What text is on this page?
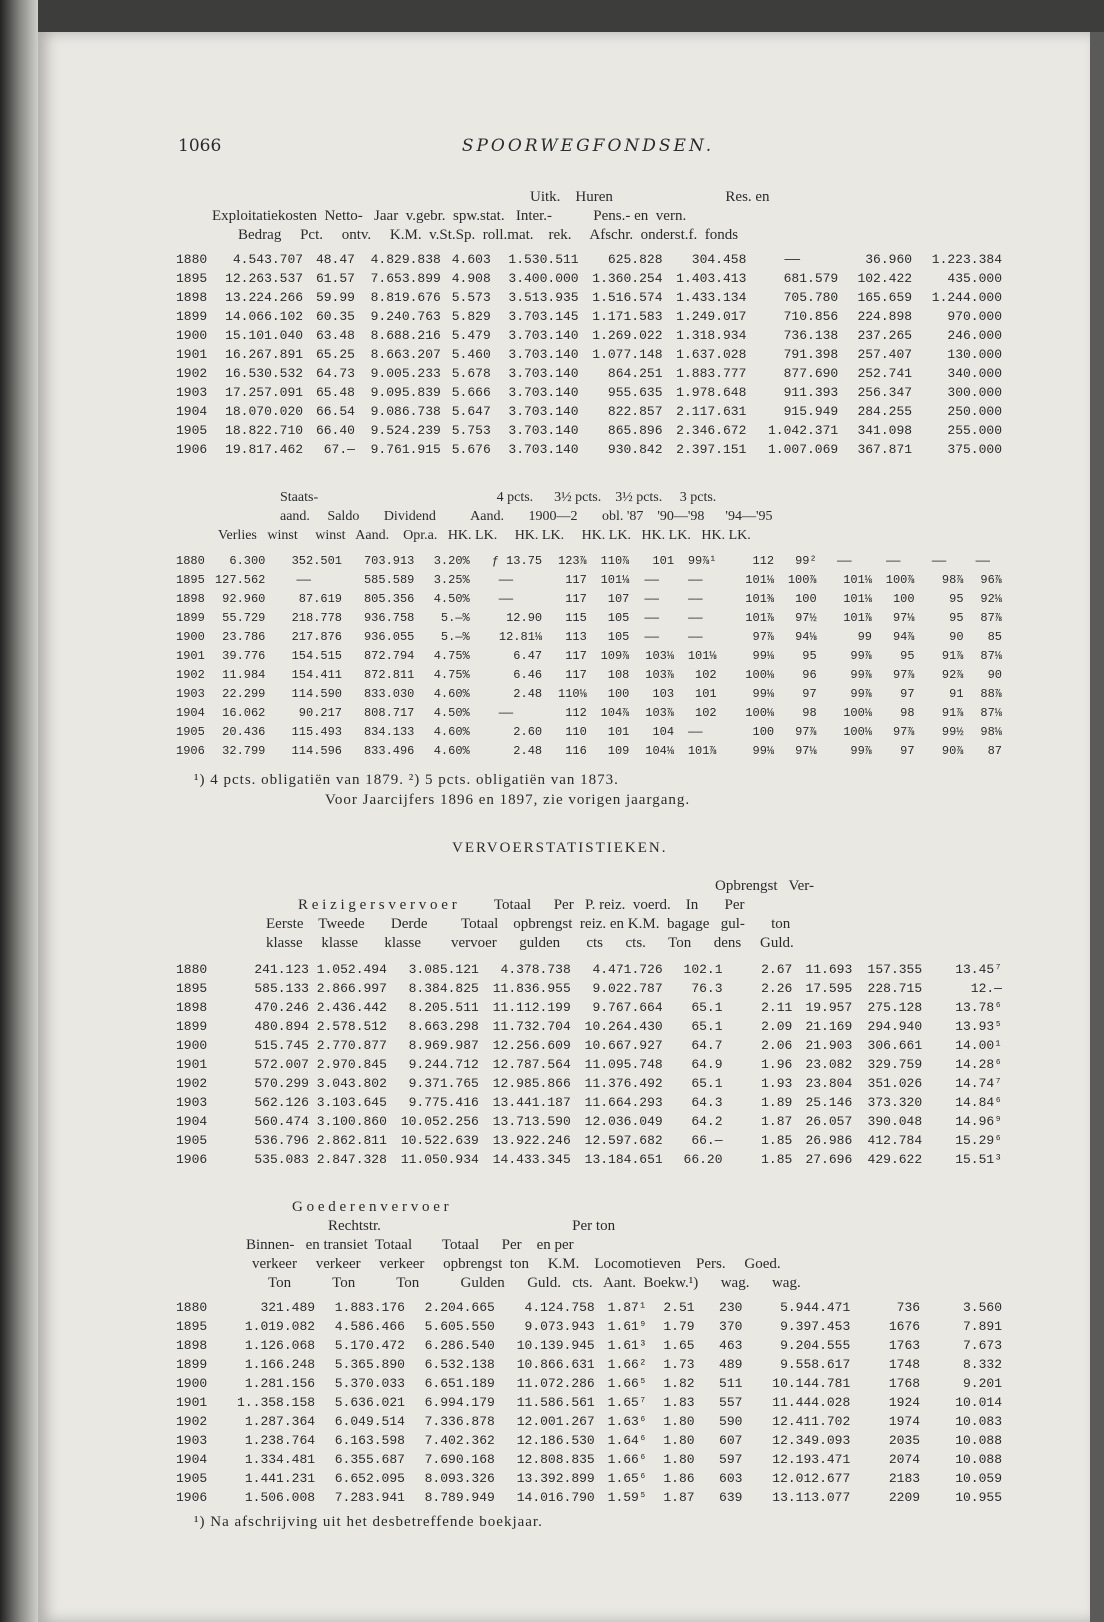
1066	SPOORWEGFONDSEN.
Uitk.    Huren                              Res. en
Exploitatiekosten  Netto-   Jaar  v.gebr.  spw.stat.   Inter.-           Pens.- en  vern.
Bedrag     Pct.     ontv.     K.M.  v.St.Sp.  roll.mat.    rek.     Afschr.  onderst.f.  fonds
1880	4.543.707	48.47	4.829.838	4.603	1.530.511	625.828	304.458	——	36.960	1.223.384
1895	12.263.537	61.57	7.653.899	4.908	3.400.000	1.360.254	1.403.413	681.579	102.422	435.000
1898	13.224.266	59.99	8.819.676	5.573	3.513.935	1.516.574	1.433.134	705.780	165.659	1.244.000
1899	14.066.102	60.35	9.240.763	5.829	3.703.145	1.171.583	1.249.017	710.856	224.898	970.000
1900	15.101.040	63.48	8.688.216	5.479	3.703.140	1.269.022	1.318.934	736.138	237.265	246.000
1901	16.267.891	65.25	8.663.207	5.460	3.703.140	1.077.148	1.637.028	791.398	257.407	130.000
1902	16.530.532	64.73	9.005.233	5.678	3.703.140	864.251	1.883.777	877.690	252.741	340.000
1903	17.257.091	65.48	9.095.839	5.666	3.703.140	955.635	1.978.648	911.393	256.347	300.000
1904	18.070.020	66.54	9.086.738	5.647	3.703.140	822.857	2.117.631	915.949	284.255	250.000
1905	18.822.710	66.40	9.524.239	5.753	3.703.140	865.896	2.346.672	1.042.371	341.098	255.000
1906	19.817.462	67.—	9.761.915	5.676	3.703.140	930.842	2.397.151	1.007.069	367.871	375.000
Staats-                                                   4 pcts.      3½ pcts.    3½ pcts.     3 pcts.
aand.     Saldo       Dividend          Aand.       1900—2       obl. '87    '90—'98      '94—'95
Verlies   winst     winst   Aand.    Opr.a.   HK. LK.     HK. LK.     HK. LK.   HK. LK.   HK. LK.
1880	6.300	352.501	703.913	3.20%	ƒ 13.75	123⅞	110⅞	101	99⅞¹	112	99²	——	——	——	——
1895	127.562	——	585.589	3.25%	——	117	101⅛	——	——	101⅛	100⅞	101⅛	100⅞	98⅞	96⅞
1898	92.960	87.619	805.356	4.50%	——	117	107	——	——	101⅜	100	101⅛	100	95	92⅛
1899	55.729	218.778	936.758	5.—%	12.90	115	105	——	——	101⅞	97½	101⅞	97⅛	95	87⅞
1900	23.786	217.876	936.055	5.—%	12.81⅛	113	105	——	——	97⅞	94⅛	99	94⅞	90	85
1901	39.776	154.515	872.794	4.75%	6.47	117	109⅞	103⅛	101⅛	99⅛	95	99⅞	95	91⅞	87⅛
1902	11.984	154.411	872.811	4.75%	6.46	117	108	103⅞	102	100⅛	96	99⅞	97⅞	92⅞	90
1903	22.299	114.590	833.030	4.60%	2.48	110⅛	100	103	101	99⅛	97	99⅞	97	91	88⅞
1904	16.062	90.217	808.717	4.50%	——	112	104⅞	103⅞	102	100⅛	98	100⅛	98	91⅞	87⅛
1905	20.436	115.493	834.133	4.60%	2.60	110	101	104	——	100	97⅞	100⅛	97⅞	99½	98⅛
1906	32.799	114.596	833.496	4.60%	2.48	116	109	104⅛	101⅞	99⅛	97⅛	99⅞	97	90⅞	87
¹) 4 pcts. obligatiën van 1879. ²) 5 pcts. obligatiën van 1873.
Voor Jaarcijfers 1896 en 1897, zie vorigen jaargang.
VERVOERSTATISTIEKEN.
Opbrengst   Ver-
R e i z i g e r s v e r v o e r          Totaal      Per   P. reiz.  voerd.    In       Per
Eerste    Tweede       Derde         Totaal    opbrengst  reiz. en K.M.  bagage   gul-       ton
klasse     klasse       klasse        vervoer      gulden       cts      cts.      Ton      dens     Guld.
1880	241.123	1.052.494	3.085.121	4.378.738	4.471.726	102.1	2.67	11.693	157.355	13.45⁷
1895	585.133	2.866.997	8.384.825	11.836.955	9.022.787	76.3	2.26	17.595	228.715	12.—
1898	470.246	2.436.442	8.205.511	11.112.199	9.767.664	65.1	2.11	19.957	275.128	13.78⁶
1899	480.894	2.578.512	8.663.298	11.732.704	10.264.430	65.1	2.09	21.169	294.940	13.93⁵
1900	515.745	2.770.877	8.969.987	12.256.609	10.667.927	64.7	2.06	21.903	306.661	14.00¹
1901	572.007	2.970.845	9.244.712	12.787.564	11.095.748	64.9	1.96	23.082	329.759	14.28⁶
1902	570.299	3.043.802	9.371.765	12.985.866	11.376.492	65.1	1.93	23.804	351.026	14.74⁷
1903	562.126	3.103.645	9.775.416	13.441.187	11.664.293	64.3	1.89	25.146	373.320	14.84⁶
1904	560.474	3.100.860	10.052.256	13.713.590	12.036.049	64.2	1.87	26.057	390.048	14.96⁹
1905	536.796	2.862.811	10.522.639	13.922.246	12.597.682	66.—	1.85	26.986	412.784	15.29⁶
1906	535.083	2.847.328	11.050.934	14.433.345	13.184.651	66.20	1.85	27.696	429.622	15.51³
G o e d e r e n v e r v o e r
Rechtstr.                                                   Per ton
Binnen-   en transiet  Totaal        Totaal      Per    en per
verkeer     verkeer     verkeer     opbrengst  ton     K.M.    Locomotieven    Pers.     Goed.
Ton           Ton           Ton           Gulden      Guld.   cts.   Aant.  Boekw.¹)      wag.      wag.
1880	321.489	1.883.176	2.204.665	4.124.758	1.87¹	2.51	230	5.944.471	736	3.560
1895	1.019.082	4.586.466	5.605.550	9.073.943	1.61⁹	1.79	370	9.397.453	1676	7.891
1898	1.126.068	5.170.472	6.286.540	10.139.945	1.61³	1.65	463	9.204.555	1763	7.673
1899	1.166.248	5.365.890	6.532.138	10.866.631	1.66²	1.73	489	9.558.617	1748	8.332
1900	1.281.156	5.370.033	6.651.189	11.072.286	1.66⁵	1.82	511	10.144.781	1768	9.201
1901	1..358.158	5.636.021	6.994.179	11.586.561	1.65⁷	1.83	557	11.444.028	1924	10.014
1902	1.287.364	6.049.514	7.336.878	12.001.267	1.63⁶	1.80	590	12.411.702	1974	10.083
1903	1.238.764	6.163.598	7.402.362	12.186.530	1.64⁶	1.80	607	12.349.093	2035	10.088
1904	1.334.481	6.355.687	7.690.168	12.808.835	1.66⁶	1.80	597	12.193.471	2074	10.088
1905	1.441.231	6.652.095	8.093.326	13.392.899	1.65⁶	1.86	603	12.012.677	2183	10.059
1906	1.506.008	7.283.941	8.789.949	14.016.790	1.59⁵	1.87	639	13.113.077	2209	10.955
¹) Na afschrijving uit het desbetreffende boekjaar.
